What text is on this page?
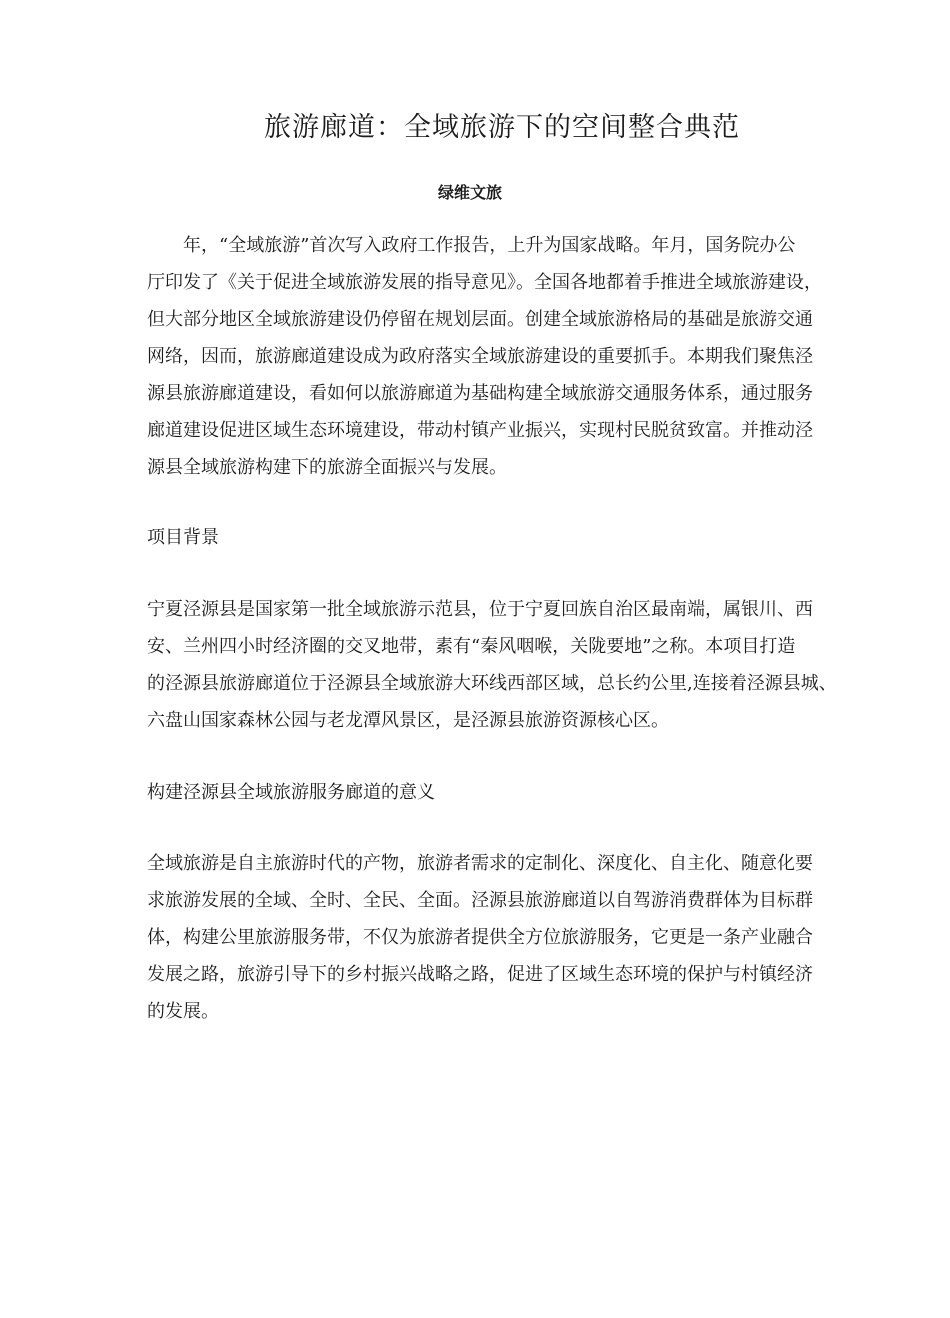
旅游廊道：全域旅游下的空间整合典范
绿维文旅
　　年，“全域旅游”首次写入政府工作报告，上升为国家战略。年月，国务院办公
厅印发了《关于促进全域旅游发展的指导意见》。全国各地都着手推进全域旅游建设，
但大部分地区全域旅游建设仍停留在规划层面。创建全域旅游格局的基础是旅游交通
网络，因而，旅游廊道建设成为政府落实全域旅游建设的重要抓手。本期我们聚焦泾
源县旅游廊道建设，看如何以旅游廊道为基础构建全域旅游交通服务体系，通过服务
廊道建设促进区域生态环境建设，带动村镇产业振兴，实现村民脱贫致富。并推动泾
源县全域旅游构建下的旅游全面振兴与发展。
项目背景
宁夏泾源县是国家第一批全域旅游示范县，位于宁夏回族自治区最南端，属银川、西
安、兰州四小时经济圈的交叉地带，素有“秦风咽喉，关陇要地”之称。本项目打造
的泾源县旅游廊道位于泾源县全域旅游大环线西部区域，总长约公里,连接着泾源县城、
六盘山国家森林公园与老龙潭风景区，是泾源县旅游资源核心区。
构建泾源县全域旅游服务廊道的意义
全域旅游是自主旅游时代的产物，旅游者需求的定制化、深度化、自主化、随意化要
求旅游发展的全域、全时、全民、全面。泾源县旅游廊道以自驾游消费群体为目标群
体，构建公里旅游服务带，不仅为旅游者提供全方位旅游服务，它更是一条产业融合
发展之路，旅游引导下的乡村振兴战略之路，促进了区域生态环境的保护与村镇经济
的发展。
